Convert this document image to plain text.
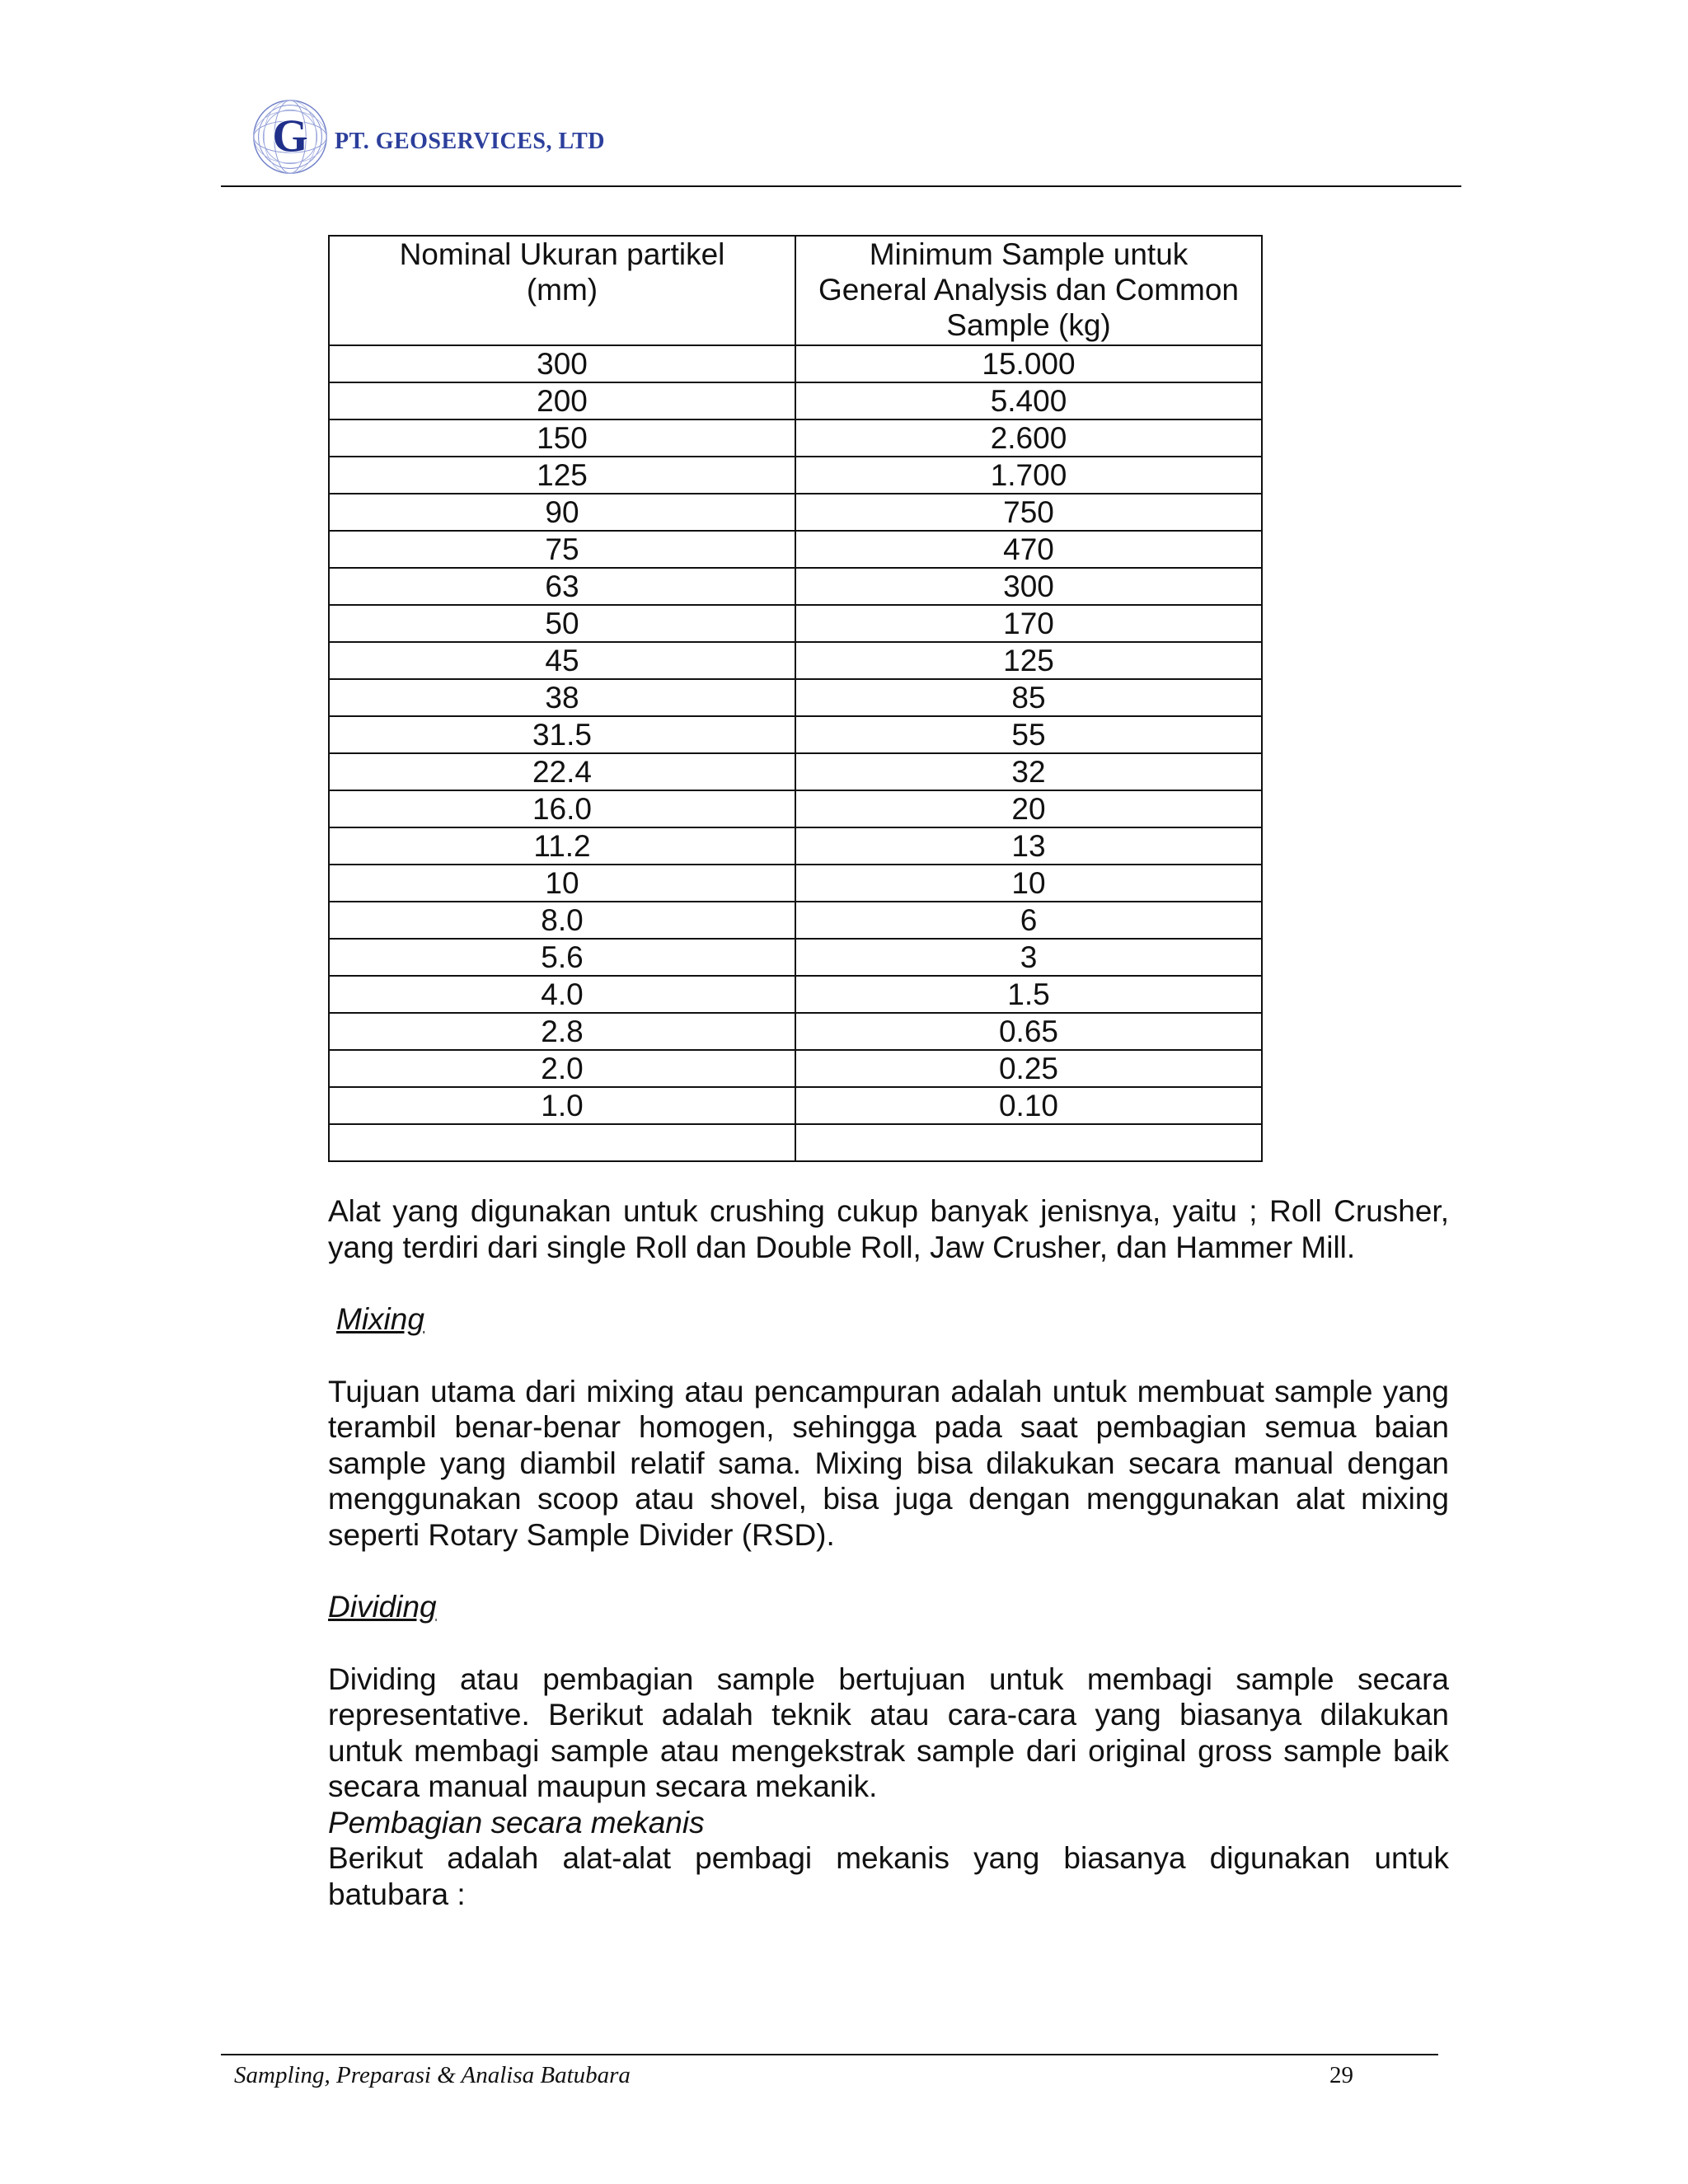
G PT. GEOSERVICES, LTD
Nominal Ukuran partikel (mm)	Minimum Sample untuk General Analysis dan Common Sample (kg)
300	15.000
200	5.400
150	2.600
125	1.700
90	750
75	470
63	300
50	170
45	125
38	85
31.5	55
22.4	32
16.0	20
11.2	13
10	10
8.0	6
5.6	3
4.0	1.5
2.8	0.65
2.0	0.25
1.0	0.10

Alat yang digunakan untuk crushing cukup banyak jenisnya, yaitu ; Roll Crusher, yang terdiri dari single Roll dan Double Roll, Jaw Crusher, dan Hammer Mill.

Mixing

Tujuan utama dari mixing atau pencampuran adalah untuk membuat sample yang terambil benar-benar homogen, sehingga pada saat pembagian semua baian sample yang diambil relatif sama. Mixing bisa dilakukan secara manual dengan menggunakan scoop atau shovel, bisa juga dengan menggunakan alat mixing seperti Rotary Sample Divider (RSD).

Dividing

Dividing atau pembagian sample bertujuan untuk membagi sample secara representative. Berikut adalah teknik atau cara-cara yang biasanya dilakukan untuk membagi sample atau mengekstrak sample dari original gross sample baik secara manual maupun secara mekanik.

Pembagian secara mekanis

Berikut adalah alat-alat pembagi mekanis yang biasanya digunakan untuk batubara :

Sampling, Preparasi & Analisa Batubara	29
